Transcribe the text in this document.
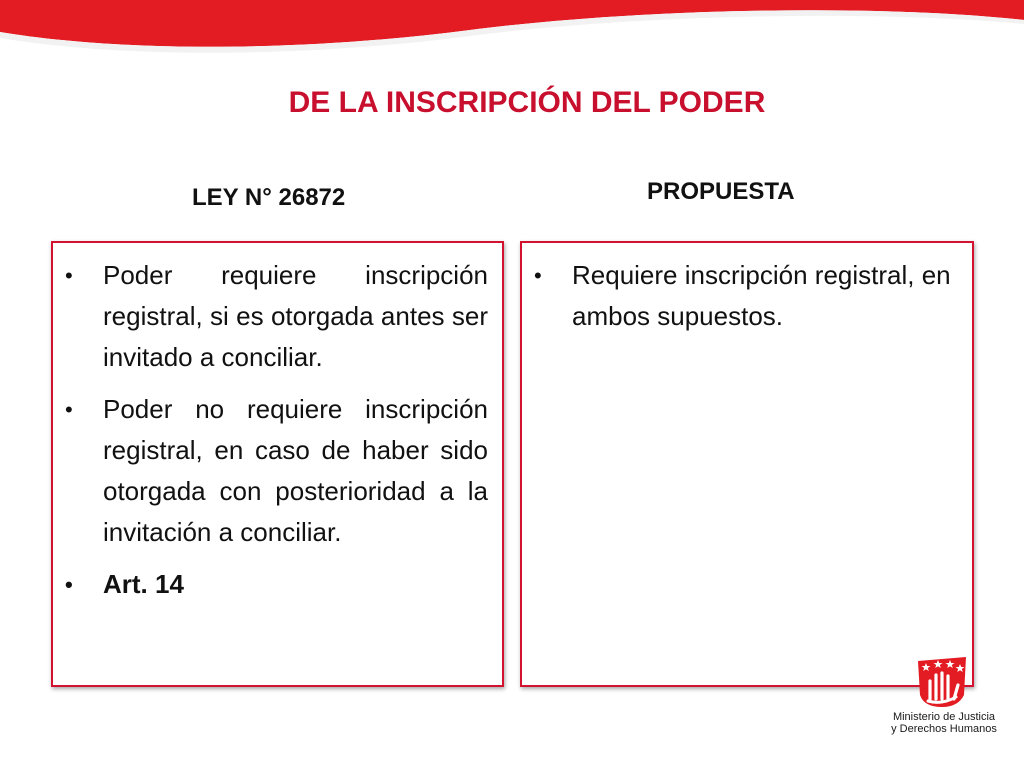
DE LA INSCRIPCIÓN DEL PODER
LEY N° 26872	PROPUESTA
• Poder requiere inscripción registral, si es otorgada antes ser invitado a conciliar.
• Poder no requiere inscripción registral, en caso de haber sido otorgada con posterioridad a la invitación a conciliar.
• Art. 14
• Requiere inscripción registral, en ambos supuestos.
Ministerio de Justicia
y Derechos Humanos
